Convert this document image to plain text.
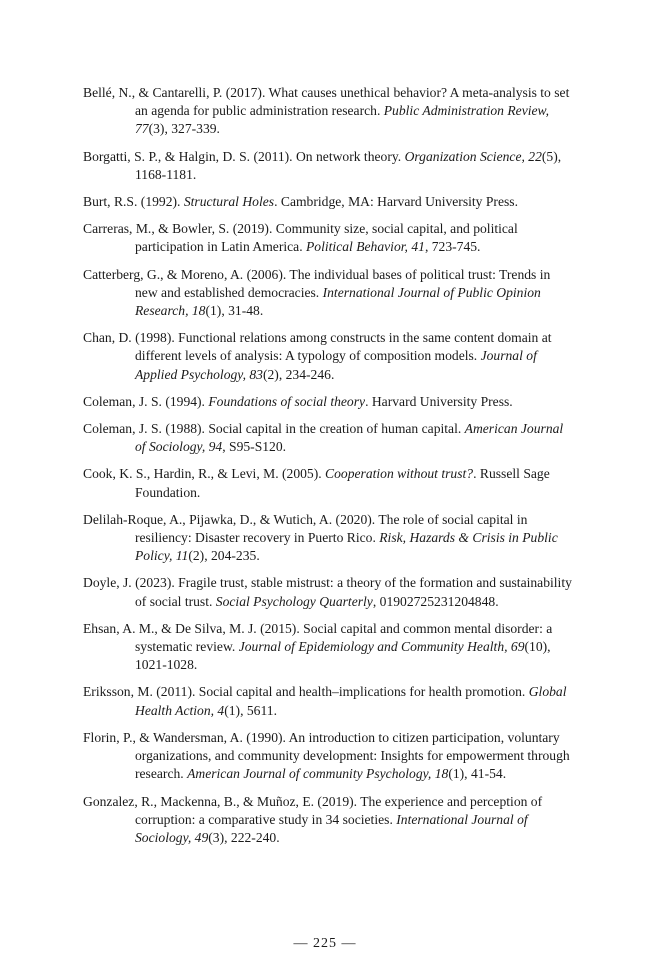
Bellé, N., & Cantarelli, P. (2017). What causes unethical behavior? A meta-analysis to set an agenda for public administration research. Public Administration Review, 77(3), 327-339.

Borgatti, S. P., & Halgin, D. S. (2011). On network theory. Organization Science, 22(5), 1168-1181.

Burt, R.S. (1992). Structural Holes. Cambridge, MA: Harvard University Press.

Carreras, M., & Bowler, S. (2019). Community size, social capital, and political participation in Latin America. Political Behavior, 41, 723-745.

Catterberg, G., & Moreno, A. (2006). The individual bases of political trust: Trends in new and established democracies. International Journal of Public Opinion Research, 18(1), 31-48.

Chan, D. (1998). Functional relations among constructs in the same content domain at different levels of analysis: A typology of composition models. Journal of Applied Psychology, 83(2), 234-246.

Coleman, J. S. (1994). Foundations of social theory. Harvard University Press.

Coleman, J. S. (1988). Social capital in the creation of human capital. American Journal of Sociology, 94, S95-S120.

Cook, K. S., Hardin, R., & Levi, M. (2005). Cooperation without trust?. Russell Sage Foundation.

Delilah-Roque, A., Pijawka, D., & Wutich, A. (2020). The role of social capital in resiliency: Disaster recovery in Puerto Rico. Risk, Hazards & Crisis in Public Policy, 11(2), 204-235.

Doyle, J. (2023). Fragile trust, stable mistrust: a theory of the formation and sustainability of social trust. Social Psychology Quarterly, 01902725231204848.

Ehsan, A. M., & De Silva, M. J. (2015). Social capital and common mental disorder: a systematic review. Journal of Epidemiology and Community Health, 69(10), 1021-1028.

Eriksson, M. (2011). Social capital and health–implications for health promotion. Global Health Action, 4(1), 5611.

Florin, P., & Wandersman, A. (1990). An introduction to citizen participation, voluntary organizations, and community development: Insights for empowerment through research. American Journal of community Psychology, 18(1), 41-54.

Gonzalez, R., Mackenna, B., & Muñoz, E. (2019). The experience and perception of corruption: a comparative study in 34 societies. International Journal of Sociology, 49(3), 222-240.

— 225 —
